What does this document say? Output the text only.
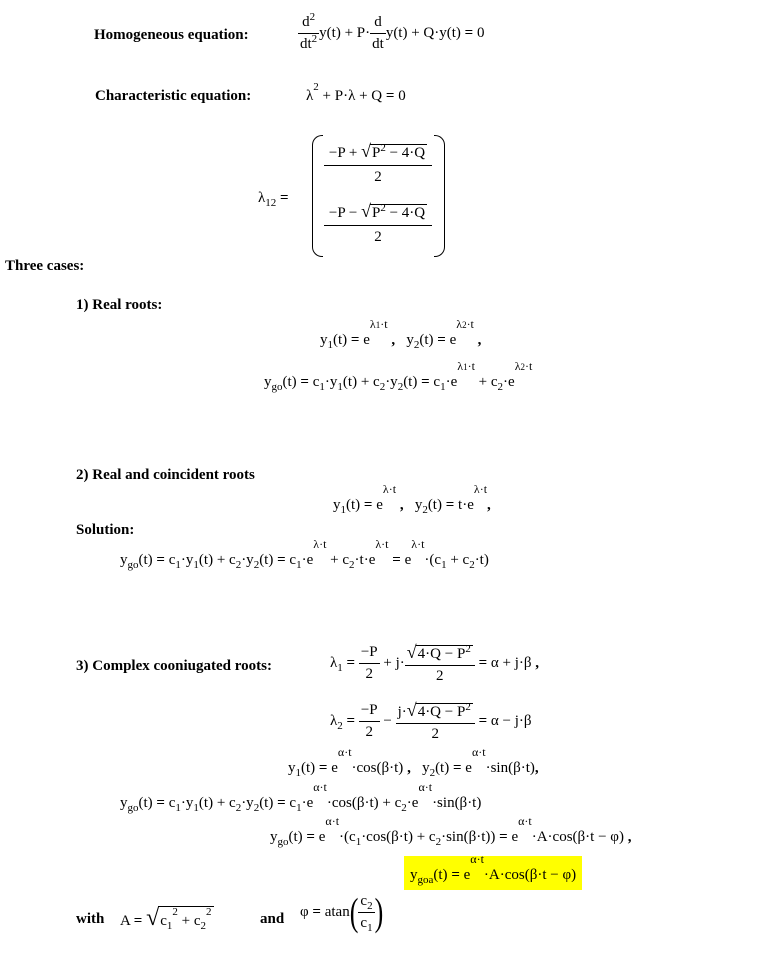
Homogeneous equation:	$\frac{d^2}{dt^2} y(t) + P\cdot \frac{d}{dt} y(t) + Q\cdot y(t) = 0$
Characteristic equation:	$\lambda^2 + P\cdot\lambda + Q = 0$
$\lambda_{12}$ =
$-P + √P^2 - 4\cdot Q$
2
$-P - √P^2 - 4\cdot Q$
2
Three cases:
1) Real roots:
$y_1(t) = e^{\lambda 1\cdot t}$ ,   $y_2(t) = e^{\lambda 2\cdot t}$ ,
$y_{go}(t) = c_1\cdot y_1(t) + c_2\cdot y_2(t) = c_1\cdot e^{\lambda 1\cdot t} + c_2\cdot e^{\lambda 2\cdot t}$
2) Real and coincident roots
$y_1(t) = e^{\lambda\cdot t}$ ,   $y_2(t) = t\cdot e^{\lambda\cdot t}$,
Solution:
$y_{go}(t) = c_1\cdot y_1(t) + c_2\cdot y_2(t) = c_1\cdot e^{\lambda\cdot t} + c_2\cdot t\cdot e^{\lambda\cdot t} = e^{\lambda\cdot t}\cdot(c_1 + c_2\cdot t)$
3) Complex cooniugated roots:	$\lambda_1 = \frac{-P}{2} + j\cdot \frac{√4\cdot Q - P^2}{2} = \alpha + j\cdot\beta$ ,
$\lambda_2 = \frac{-P}{2} - \frac{j\cdot√4\cdot Q - P^2}{2} = \alpha - j\cdot\beta$
$y_1(t) = e^{\alpha\cdot t}\cdot\cos(\beta\cdot t)$ ,   $y_2(t) = e^{\alpha\cdot t}\cdot\sin(\beta\cdot t)$,
$y_{go}(t) = c_1\cdot y_1(t) + c_2\cdot y_2(t) = c_1\cdot e^{\alpha\cdot t}\cdot\cos(\beta\cdot t) + c_2\cdot e^{\alpha\cdot t}\cdot\sin(\beta\cdot t)$
$y_{go}(t) = e^{\alpha\cdot t}\cdot(c_1\cdot\cos(\beta\cdot t) + c_2\cdot\sin(\beta\cdot t)) = e^{\alpha\cdot t}\cdot A\cdot\cos(\beta\cdot t - \varphi)$ ,
$y_{goa}(t) = e^{\alpha\cdot t}\cdot A\cdot\cos(\beta\cdot t - \varphi)$
with $A = √c_1^2 + c_2^2$	and $\varphi = atan( \frac{c_2}{c_1}$ )
